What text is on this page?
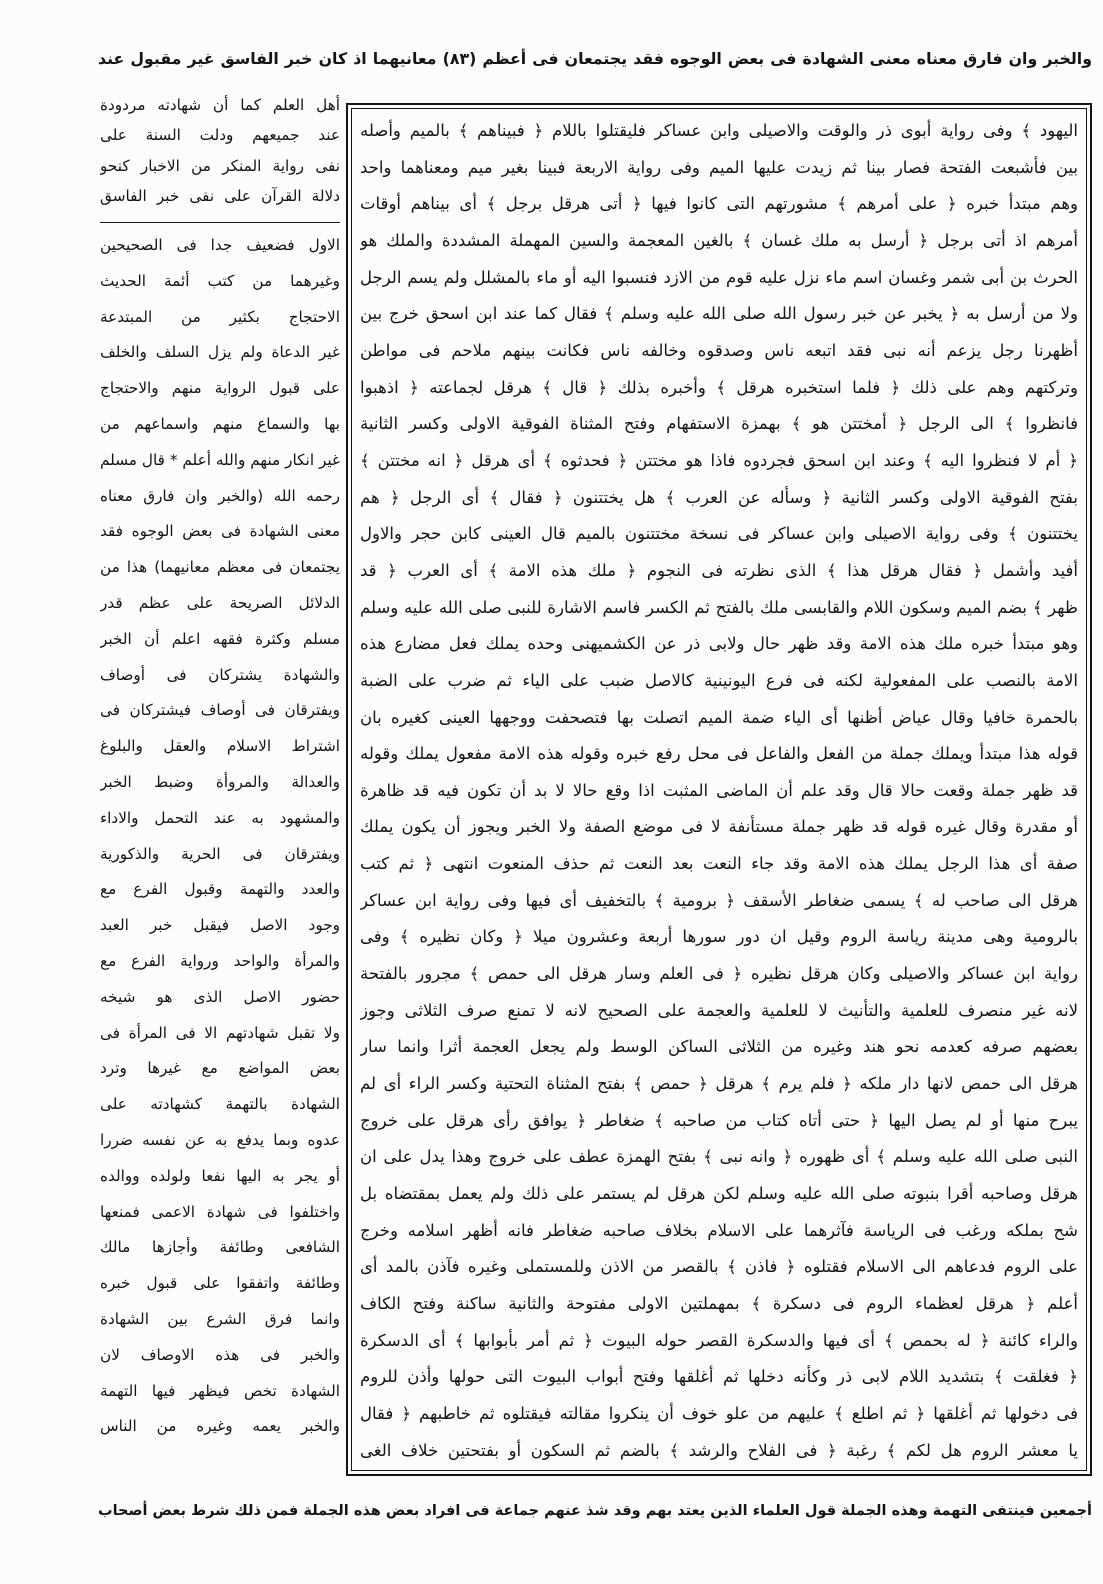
والخبر وان فارق معناه معنى الشهادة فى بعض الوجوه فقد يجتمعان فى أعظم (٨٣) معانيهما اذ كان خبر الفاسق غير مقبول عند
أهل العلم كما أن شهادته مردودة
عند جميعهم ودلت السنة على
نفى رواية المنكر من الاخبار كنحو
دلالة القرآن على نفى خبر الفاسق
الاول فضعيف جدا فى الصحيحين
وغيرهما من كتب أئمة الحديث
الاحتجاج بكثير من المبتدعة
غير الدعاة ولم يزل السلف والخلف
على قبول الرواية منهم والاحتجاج
بها والسماع منهم واسماعهم من
غير انكار منهم والله أعلم * قال مسلم
رحمه الله (والخبر وان فارق معناه
معنى الشهادة فى بعض الوجوه فقد
يجتمعان فى معظم معانيهما) هذا من
الدلائل الصريحة على عظم قدر
مسلم وكثرة فقهه اعلم أن الخبر
والشهادة يشتركان فى أوصاف
ويفترقان فى أوصاف فيشتركان فى
اشتراط الاسلام والعقل والبلوغ
والعدالة والمروأة وضبط الخبر
والمشهود به عند التحمل والاداء
ويفترقان فى الحرية والذكورية
والعدد والتهمة وقبول الفرع مع
وجود الاصل فيقبل خبر العبد
والمرأة والواحد ورواية الفرع مع
حضور الاصل الذى هو شيخه
ولا تقبل شهادتهم الا فى المرأة فى
بعض المواضع مع غيرها وترد
الشهادة بالتهمة كشهادته على
عدوه وبما يدفع به عن نفسه ضررا
أو يجر به اليها نفعا ولولده ووالده
واختلفوا فى شهادة الاعمى فمنعها
الشافعى وطائفة وأجازها مالك
وطائفة واتفقوا على قبول خبره
وانما فرق الشرع بين الشهادة
والخبر فى هذه الاوصاف لان
الشهادة تخص فيظهر فيها التهمة
والخبر يعمه وغيره من الناس
اليهود ﴾ وفى رواية أبوى ذر والوقت والاصيلى وابن عساكر فليقتلوا باللام ﴿ فبيناهم ﴾ بالميم وأصله
بين فأشبعت الفتحة فصار بينا ثم زيدت عليها الميم وفى رواية الاربعة فبينا بغير ميم ومعناهما واحد
وهم مبتدأ خبره ﴿ على أمرهم ﴾ مشورتهم التى كانوا فيها ﴿ أتى هرقل برجل ﴾ أى بيناهم أوقات
أمرهم اذ أتى برجل ﴿ أرسل به ملك غسان ﴾ بالغين المعجمة والسين المهملة المشددة والملك هو
الحرث بن أبى شمر وغسان اسم ماء نزل عليه قوم من الازد فنسبوا اليه أو ماء بالمشلل ولم يسم الرجل
ولا من أرسل به ﴿ يخبر عن خبر رسول الله صلى الله عليه وسلم ﴾ فقال كما عند ابن اسحق خرج بين
أظهرنا رجل يزعم أنه نبى فقد اتبعه ناس وصدقوه وخالفه ناس فكانت بينهم ملاحم فى مواطن
وتركتهم وهم على ذلك ﴿ فلما استخبره هرقل ﴾ وأخبره بذلك ﴿ قال ﴾ هرقل لجماعته ﴿ اذهبوا
فانظروا ﴾ الى الرجل ﴿ أمختتن هو ﴾ بهمزة الاستفهام وفتح المثناة الفوقية الاولى وكسر الثانية
﴿ أم لا فنظروا اليه ﴾ وعند ابن اسحق فجردوه فاذا هو مختتن ﴿ فحدثوه ﴾ أى هرقل ﴿ انه مختتن ﴾
بفتح الفوقية الاولى وكسر الثانية ﴿ وسأله عن العرب ﴾ هل يختتنون ﴿ فقال ﴾ أى الرجل ﴿ هم
يختتنون ﴾ وفى رواية الاصيلى وابن عساكر فى نسخة مختتنون بالميم قال العينى كابن حجر والاول
أفيد وأشمل ﴿ فقال هرقل هذا ﴾ الذى نظرته فى النجوم ﴿ ملك هذه الامة ﴾ أى العرب ﴿ قد
ظهر ﴾ بضم الميم وسكون اللام والقابسى ملك بالفتح ثم الكسر فاسم الاشارة للنبى صلى الله عليه وسلم
وهو مبتدأ خبره ملك هذه الامة وقد ظهر حال ولابى ذر عن الكشميهنى وحده يملك فعل مضارع هذه
الامة بالنصب على المفعولية لكنه فى فرع اليونينية كالاصل ضبب على الياء ثم ضرب على الضبة
بالحمرة خافيا وقال عياض أظنها أى الياء ضمة الميم اتصلت بها فتصحفت ووجهها العينى كغيره بان
قوله هذا مبتدأ ويملك جملة من الفعل والفاعل فى محل رفع خبره وقوله هذه الامة مفعول يملك وقوله
قد ظهر جملة وقعت حالا قال وقد علم أن الماضى المثبت اذا وقع حالا لا بد أن تكون فيه قد ظاهرة
أو مقدرة وقال غيره قوله قد ظهر جملة مستأنفة لا فى موضع الصفة ولا الخبر ويجوز أن يكون يملك
صفة أى هذا الرجل يملك هذه الامة وقد جاء النعت بعد النعت ثم حذف المنعوت انتهى ﴿ ثم كتب
هرقل الى صاحب له ﴾ يسمى ضغاطر الأسقف ﴿ برومية ﴾ بالتخفيف أى فيها وفى رواية ابن عساكر
بالرومية وهى مدينة رياسة الروم وقيل ان دور سورها أربعة وعشرون ميلا ﴿ وكان نظيره ﴾ وفى
رواية ابن عساكر والاصيلى وكان هرقل نظيره ﴿ فى العلم وسار هرقل الى حمص ﴾ مجرور بالفتحة
لانه غير منصرف للعلمية والتأنيث لا للعلمية والعجمة على الصحيح لانه لا تمنع صرف الثلاثى وجوز
بعضهم صرفه كعدمه نحو هند وغيره من الثلاثى الساكن الوسط ولم يجعل العجمة أثرا وانما سار
هرقل الى حمص لانها دار ملكه ﴿ فلم يرم ﴾ هرقل ﴿ حمص ﴾ بفتح المثناة التحتية وكسر الراء أى لم
يبرح منها أو لم يصل اليها ﴿ حتى أتاه كتاب من صاحبه ﴾ ضغاطر ﴿ يوافق رأى هرقل على خروج
النبى صلى الله عليه وسلم ﴾ أى ظهوره ﴿ وانه نبى ﴾ بفتح الهمزة عطف على خروج وهذا يدل على ان
هرقل وصاحبه أقرا بنبوته صلى الله عليه وسلم لكن هرقل لم يستمر على ذلك ولم يعمل بمقتضاه بل
شح بملكه ورغب فى الرياسة فآثرهما على الاسلام بخلاف صاحبه ضغاطر فانه أظهر اسلامه وخرج
على الروم فدعاهم الى الاسلام فقتلوه ﴿ فاذن ﴾ بالقصر من الاذن وللمستملى وغيره فآذن بالمد أى
أعلم ﴿ هرقل لعظماء الروم فى دسكرة ﴾ بمهملتين الاولى مفتوحة والثانية ساكنة وفتح الكاف
والراء كائنة ﴿ له بحمص ﴾ أى فيها والدسكرة القصر حوله البيوت ﴿ ثم أمر بأبوابها ﴾ أى الدسكرة
﴿ فغلقت ﴾ بتشديد اللام لابى ذر وكأنه دخلها ثم أغلقها وفتح أبواب البيوت التى حولها وأذن للروم
فى دخولها ثم أغلقها ﴿ ثم اطلع ﴾ عليهم من علو خوف أن ينكروا مقالته فيقتلوه ثم خاطبهم ﴿ فقال
يا معشر الروم هل لكم ﴾ رغبة ﴿ فى الفلاح والرشد ﴾ بالضم ثم السكون أو بفتحتين خلاف الغى
أجمعين فينتفى التهمة وهذه الجملة قول العلماء الذين يعتد بهم وقد شذ عنهم جماعة فى افراد بعض هذه الجملة فمن ذلك شرط بعض أصحاب
